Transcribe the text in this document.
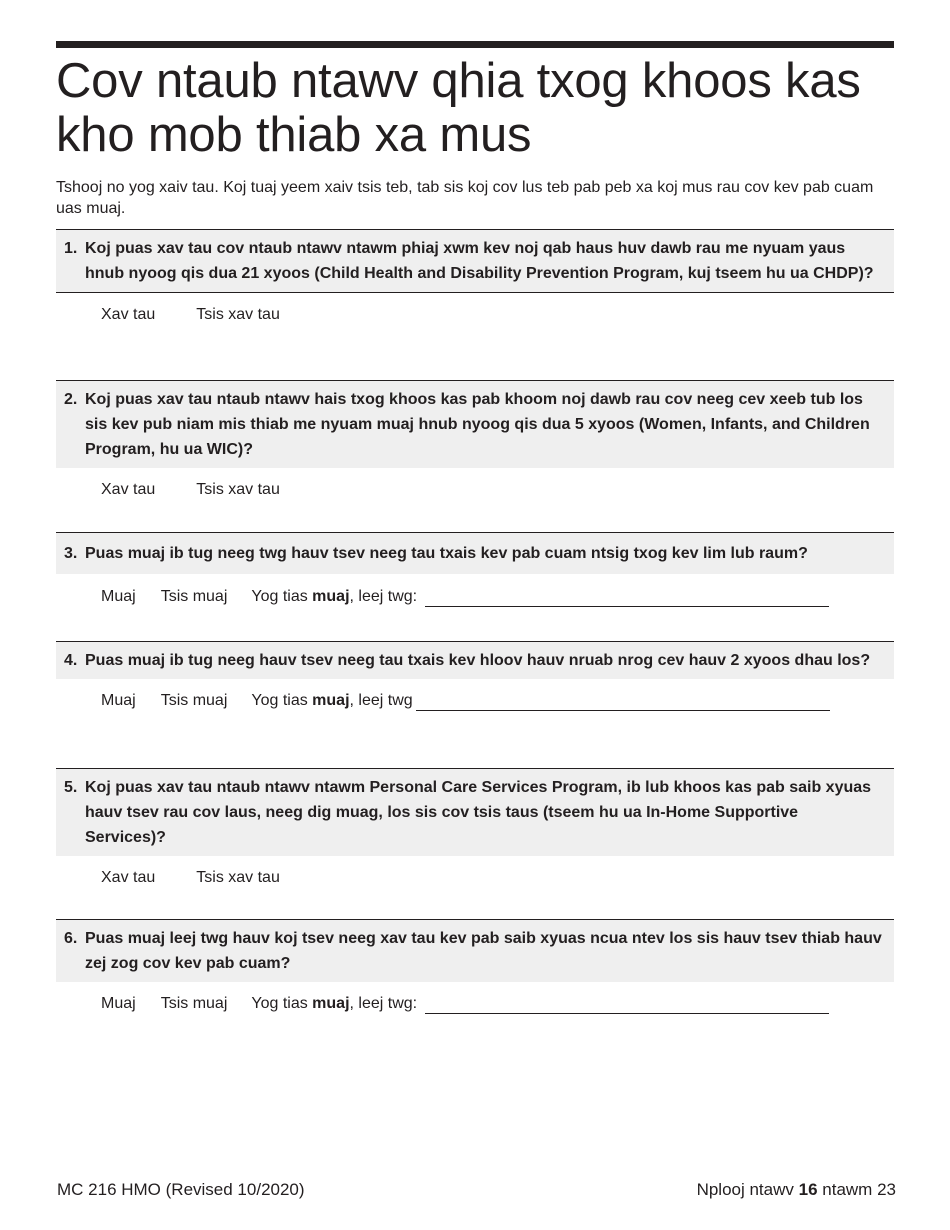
Cov ntaub ntawv qhia txog khoos kas kho mob thiab xa mus

Tshooj no yog xaiv tau. Koj tuaj yeem xaiv tsis teb, tab sis koj cov lus teb pab peb xa koj mus rau cov kev pab cuam uas muaj.

1. Koj puas xav tau cov ntaub ntawv ntawm phiaj xwm kev noj qab haus huv dawb rau me nyuam yaus hnub nyoog qis dua 21 xyoos (Child Health and Disability Prevention Program, kuj tseem hu ua CHDP)?
Xav tau	Tsis xav tau
2. Koj puas xav tau ntaub ntawv hais txog khoos kas pab khoom noj dawb rau cov neeg cev xeeb tub los sis kev pub niam mis thiab me nyuam muaj hnub nyoog qis dua 5 xyoos (Women, Infants, and Children Program, hu ua WIC)?
Xav tau	Tsis xav tau
3. Puas muaj ib tug neeg twg hauv tsev neeg tau txais kev pab cuam ntsig txog kev lim lub raum?
Muaj Tsis muaj Yog tias muaj, leej twg:
4. Puas muaj ib tug neeg hauv tsev neeg tau txais kev hloov hauv nruab nrog cev hauv 2 xyoos dhau los?
Muaj Tsis muaj Yog tias muaj, leej twg
5. Koj puas xav tau ntaub ntawv ntawm Personal Care Services Program, ib lub khoos kas pab saib xyuas hauv tsev rau cov laus, neeg dig muag, los sis cov tsis taus (tseem hu ua In-Home Supportive Services)?
Xav tau	Tsis xav tau
6. Puas muaj leej twg hauv koj tsev neeg xav tau kev pab saib xyuas ncua ntev los sis hauv tsev thiab hauv zej zog cov kev pab cuam?
Muaj Tsis muaj Yog tias muaj, leej twg:
MC 216 HMO (Revised 10/2020)	Nplooj ntawv 16 ntawm 23
